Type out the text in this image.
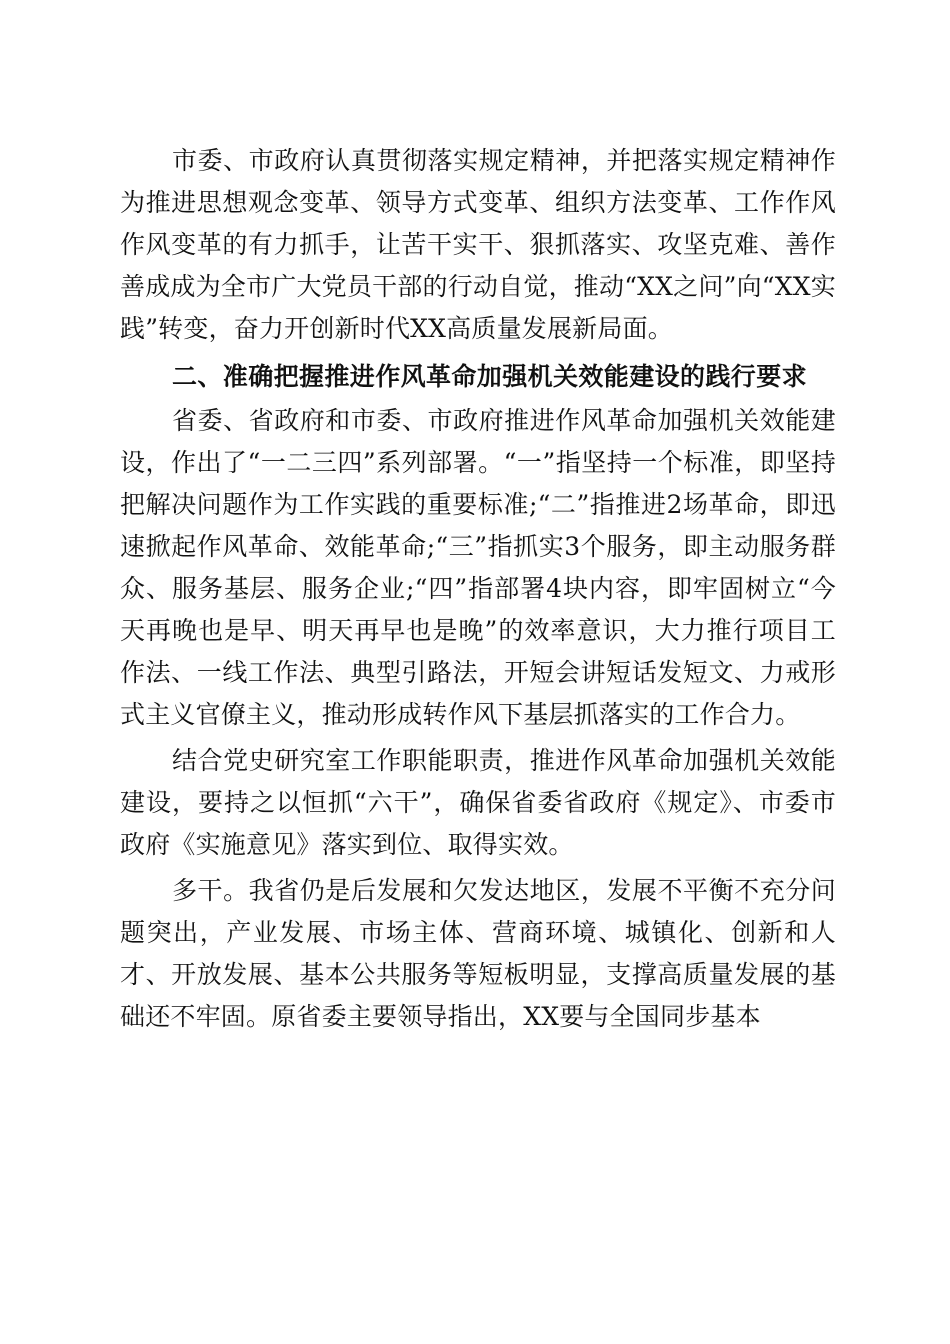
市委、市政府认真贯彻落实规定精神，并把落实规定精神作为推进思想观念变革、领导方式变革、组织方法变革、工作作风作风变革的有力抓手，让苦干实干、狠抓落实、攻坚克难、善作善成成为全市广大党员干部的行动自觉，推动“XX之问”向“XX实践”转变，奋力开创新时代XX高质量发展新局面。

二、准确把握推进作风革命加强机关效能建设的践行要求

省委、省政府和市委、市政府推进作风革命加强机关效能建设，作出了“一二三四”系列部署。“一”指坚持一个标准，即坚持把解决问题作为工作实践的重要标准;“二”指推进2场革命，即迅速掀起作风革命、效能革命;“三”指抓实3个服务，即主动服务群众、服务基层、服务企业;“四”指部署4块内容，即牢固树立“今天再晚也是早、明天再早也是晚”的效率意识，大力推行项目工作法、一线工作法、典型引路法，开短会讲短话发短文、力戒形式主义官僚主义，推动形成转作风下基层抓落实的工作合力。

结合党史研究室工作职能职责，推进作风革命加强机关效能建设，要持之以恒抓“六干”，确保省委省政府《规定》、市委市政府《实施意见》落实到位、取得实效。

多干。我省仍是后发展和欠发达地区，发展不平衡不充分问题突出，产业发展、市场主体、营商环境、城镇化、创新和人才、开放发展、基本公共服务等短板明显，支撑高质量发展的基础还不牢固。原省委主要领导指出，XX要与全国同步基本
